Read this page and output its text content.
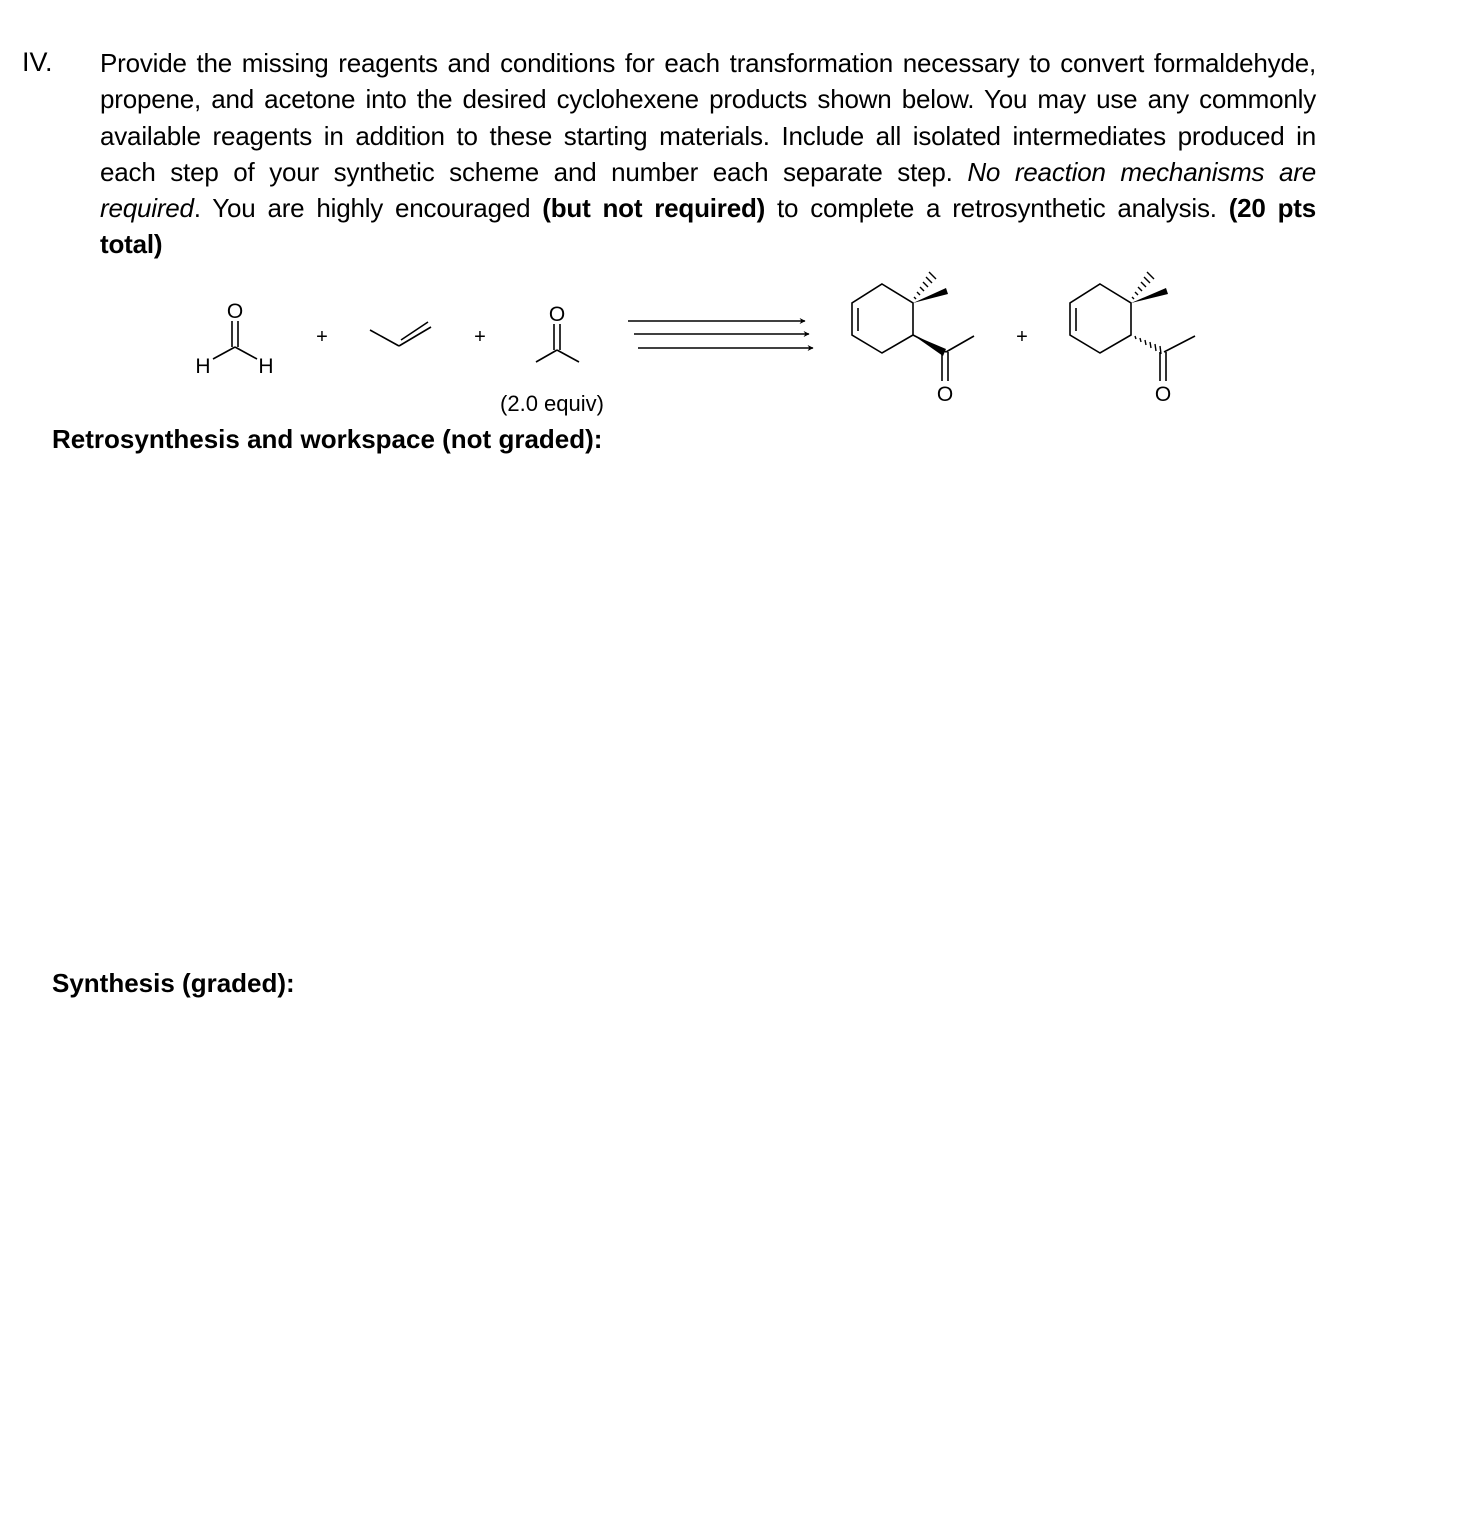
IV. Provide the missing reagents and conditions for each transformation necessary to convert formaldehyde, propene, and acetone into the desired cyclohexene products shown below. You may use any commonly available reagents in addition to these starting materials. Include all isolated intermediates produced in each step of your synthetic scheme and number each separate step. No reaction mechanisms are required. You are highly encouraged (but not required) to complete a retrosynthetic analysis. (20 pts total)
O
H H
+	+
O
(2.0 equiv)	O
+
O
Retrosynthesis and workspace (not graded):
Synthesis (graded):
